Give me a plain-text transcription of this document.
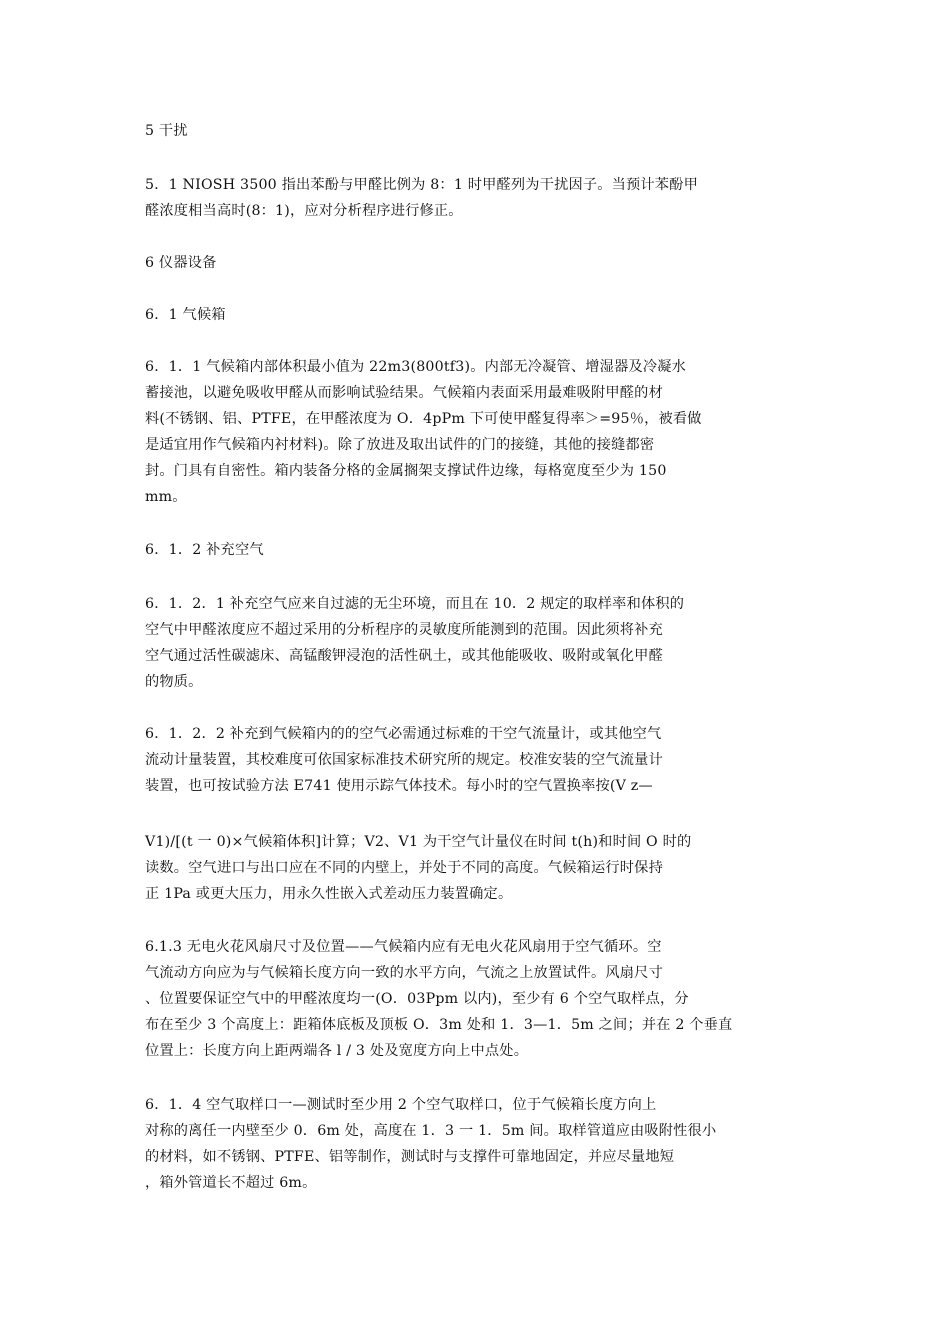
5 干扰
5．1 NIOSH 3500 指出苯酚与甲醛比例为 8：1 时甲醛列为干扰因子。当预计苯酚甲
醛浓度相当高时(8：1)，应对分析程序进行修正。
6 仪器设备
6．1 气候箱
6．1．1 气候箱内部体积最小值为 22m3(800tf3)。内部无冷凝管、增湿器及冷凝水
蓄接池，以避免吸收甲醛从而影响试验结果。气候箱内表面采用最难吸附甲醛的材
料(不锈钢、铝、PTFE，在甲醛浓度为 O．4pPm 下可使甲醛复得率＞=95％，被看做
是适宜用作气候箱内衬材料)。除了放进及取出试件的门的接缝，其他的接缝都密
封。门具有自密性。箱内装备分格的金属搁架支撑试件边缘，每格宽度至少为 150
mm。
6．1．2 补充空气
6．1．2．1 补充空气应来自过滤的无尘环境，而且在 10．2 规定的取样率和体积的
空气中甲醛浓度应不超过采用的分析程序的灵敏度所能测到的范围。因此须将补充
空气通过活性碳滤床、高锰酸钾浸泡的活性矾土，或其他能吸收、吸附或氧化甲醛
的物质。
6．1．2．2 补充到气候箱内的的空气必需通过标难的干空气流量计，或其他空气
流动计量装置，其校难度可依国家标准技术研究所的规定。校准安装的空气流量计
装置，也可按试验方法 E741 使用示踪气体技术。每小时的空气置换率按(V z—
V1)/[(t 一 0)×气候箱体积]计算；V2、V1 为干空气计量仪在时间 t(h)和时间 O 时的
读数。空气进口与出口应在不同的内壁上，并处于不同的高度。气候箱运行时保持
正 1Pa 或更大压力，用永久性嵌入式差动压力装置确定。
6.1.3 无电火花风扇尺寸及位置——气候箱内应有无电火花风扇用于空气循环。空
气流动方向应为与气候箱长度方向一致的水平方向，气流之上放置试件。风扇尺寸
、位置要保证空气中的甲醛浓度均一(O．03Ppm 以内)，至少有 6 个空气取样点，分
布在至少 3 个高度上：距箱体底板及顶板 O．3m 处和 1．3—1．5m 之间；并在 2 个垂直
位置上：长度方向上距两端各 l / 3 处及宽度方向上中点处。
6．1．4 空气取样口一—测试时至少用 2 个空气取样口，位于气候箱长度方向上
对称的离任一内壁至少 0．6m 处，高度在 1．3 一 1．5m 间。取样管道应由吸附性很小
的材料，如不锈钢、PTFE、铝等制作，测试时与支撑件可靠地固定，并应尽量地短
，箱外管道长不超过 6m。
